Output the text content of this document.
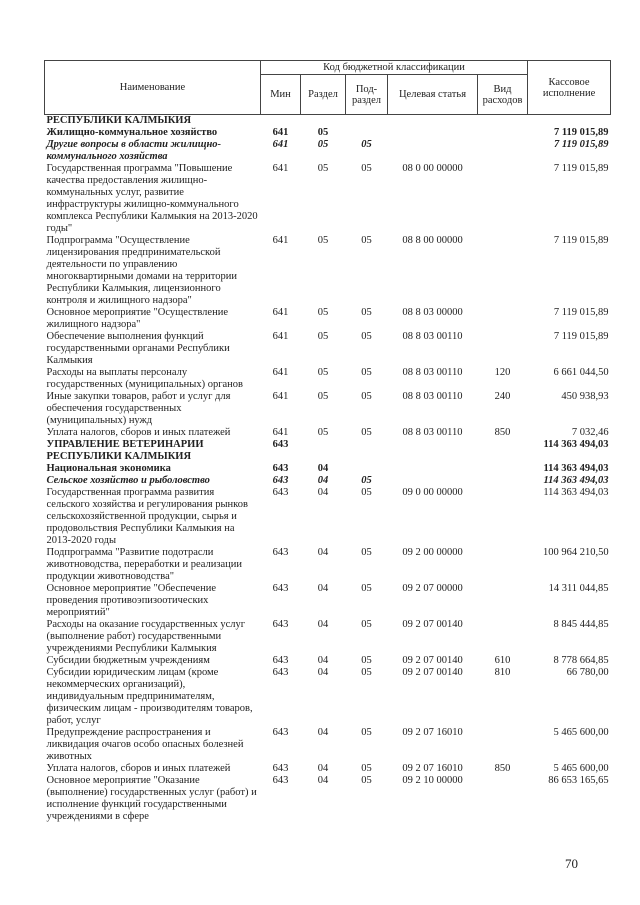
Наименование	Код бюджетной классификации					Кассовое исполнение
	Мин	Раздел	Под-раздел	Целевая статья	Вид расходов	
РЕСПУБЛИКИ КАЛМЫКИЯ						
Жилищно-коммунальное хозяйство	641	05				7 119 015,89
Другие вопросы в области жилищно-коммунального хозяйства	641	05	05			7 119 015,89
Государственная программа "Повышение качества предоставления жилищно-коммунальных услуг, развитие инфраструктуры жилищно-коммунального комплекса Республики Калмыкия на 2013-2020 годы"	641	05	05	08 0 00 00000		7 119 015,89
Подпрограмма "Осуществление лицензирования предпринимательской деятельности по управлению многоквартирными домами на территории Республики Калмыкия, лицензионного контроля и жилищного надзора"	641	05	05	08 8 00 00000		7 119 015,89
Основное мероприятие "Осуществление жилищного надзора"	641	05	05	08 8 03 00000		7 119 015,89
Обеспечение выполнения функций государственными органами Республики Калмыкия	641	05	05	08 8 03 00110		7 119 015,89
Расходы на выплаты персоналу государственных (муниципальных) органов	641	05	05	08 8 03 00110	120	6 661 044,50
Иные закупки товаров, работ и услуг для обеспечения государственных (муниципальных) нужд	641	05	05	08 8 03 00110	240	450 938,93
Уплата налогов, сборов и иных платежей	641	05	05	08 8 03 00110	850	7 032,46
УПРАВЛЕНИЕ ВЕТЕРИНАРИИ РЕСПУБЛИКИ КАЛМЫКИЯ	643					114 363 494,03
Национальная экономика	643	04				114 363 494,03
Сельское хозяйство и рыболовство	643	04	05			114 363 494,03
Государственная программа развития сельского хозяйства и регулирования рынков сельскохозяйственной продукции, сырья и продовольствия Республики Калмыкия на 2013-2020 годы	643	04	05	09 0 00 00000		114 363 494,03
Подпрограмма "Развитие подотрасли животноводства, переработки и реализации продукции животноводства"	643	04	05	09 2 00 00000		100 964 210,50
Основное мероприятие "Обеспечение проведения противоэпизоотических мероприятий"	643	04	05	09 2 07 00000		14 311 044,85
Расходы на оказание государственных услуг (выполнение работ) государственными учреждениями Республики Калмыкия	643	04	05	09 2 07 00140		8 845 444,85
Субсидии бюджетным учреждениям	643	04	05	09 2 07 00140	610	8 778 664,85
Субсидии юридическим лицам (кроме некоммерческих организаций), индивидуальным предпринимателям, физическим лицам - производителям товаров, работ, услуг	643	04	05	09 2 07 00140	810	66 780,00
Предупреждение распространения и ликвидация очагов особо опасных болезней животных	643	04	05	09 2 07 16010		5 465 600,00
Уплата налогов, сборов и иных платежей	643	04	05	09 2 07 16010	850	5 465 600,00
Основное мероприятие "Оказание (выполнение) государственных услуг (работ) и исполнение функций государственными учреждениями в сфере	643	04	05	09 2 10 00000		86 653 165,65
70
